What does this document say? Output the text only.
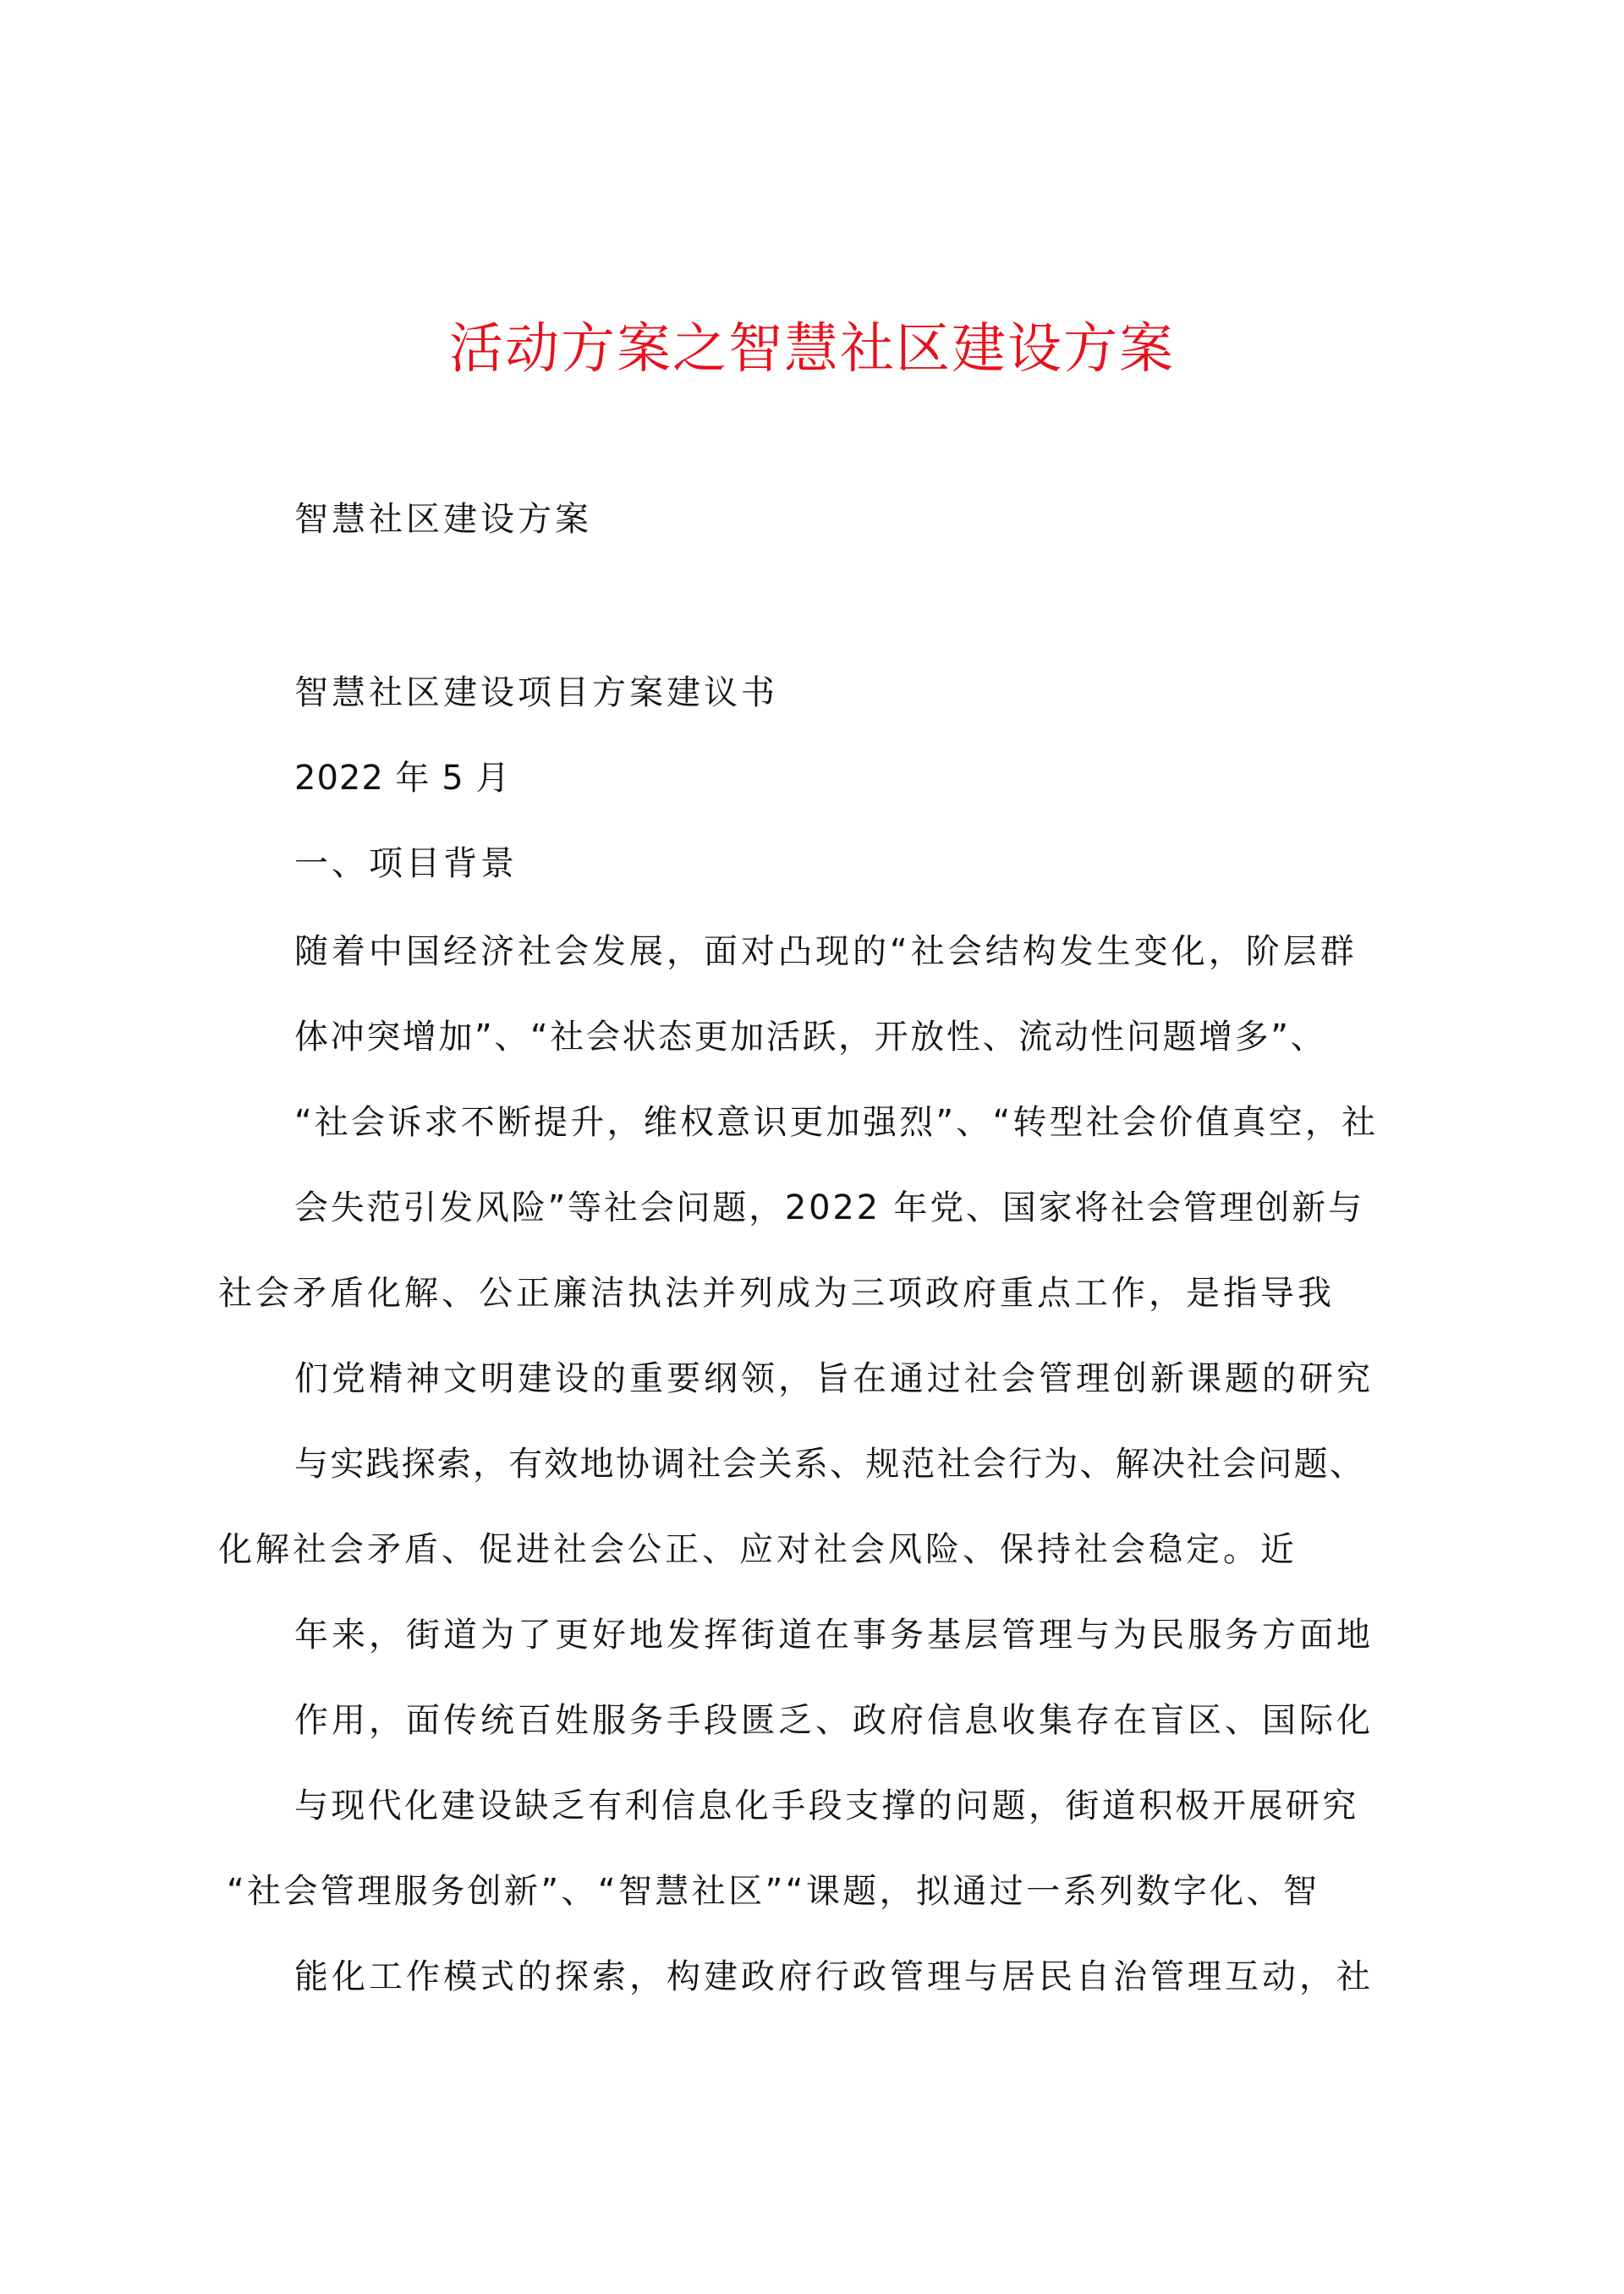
活动方案之智慧社区建设方案

智慧社区建设方案

智慧社区建设项目方案建议书

2022 年 5 月

一、项目背景

随着中国经济社会发展，面对凸现的“社会结构发生变化，阶层群

体冲突增加”、“社会状态更加活跃，开放性、流动性问题增多”、

“社会诉求不断提升，维权意识更加强烈”、“转型社会价值真空，社

会失范引发风险”等社会问题，2022 年党、国家将社会管理创新与

社会矛盾化解、公正廉洁执法并列成为三项政府重点工作，是指导我

们党精神文明建设的重要纲领，旨在通过社会管理创新课题的研究

与实践探索，有效地协调社会关系、规范社会行为、解决社会问题、

化解社会矛盾、促进社会公正、应对社会风险、保持社会稳定。近

年来，街道为了更好地发挥街道在事务基层管理与为民服务方面地

作用，面传统百姓服务手段匮乏、政府信息收集存在盲区、国际化

与现代化建设缺乏有利信息化手段支撑的问题，街道积极开展研究

“社会管理服务创新”、“智慧社区”“课题，拟通过一系列数字化、智

能化工作模式的探索，构建政府行政管理与居民自治管理互动，社
